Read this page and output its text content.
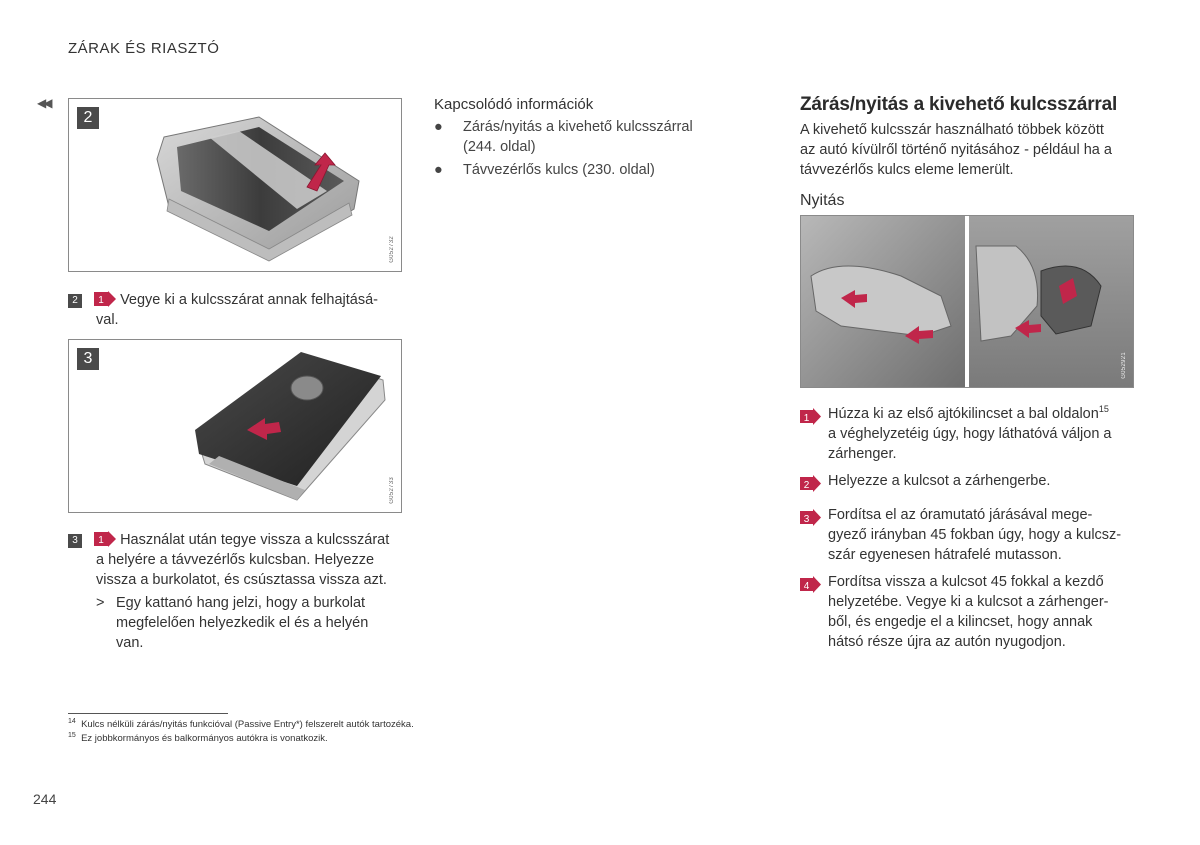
ZÁRAK ÉS RIASZTÓ
◀◀
2
G052732
2 1 Vegye ki a kulcsszárat annak felhajtásá-
val.
3
G052733
3 1 Használat után tegye vissza a kulcsszárat

a helyére a távvezérlős kulcsban. Helyezze
vissza a burkolatot, és csúsztassa vissza azt.
> Egy kattanó hang jelzi, hogy a burkolat
megfelelően helyezkedik el és a helyén
van.
Kapcsolódó információk
● Zárás/nyitás a kivehető kulcsszárral
(244. oldal)
● Távvezérlős kulcs (230. oldal)
Zárás/nyitás a kivehető kulcsszárral
A kivehető kulcsszár használható többek között
az autó kívülről történő nyitásához - például ha a
távvezérlős kulcs eleme lemerült.
Nyitás
G052921
1 Húzza ki az első ajtókilincset a bal oldalon$^{15}$
a véghelyzetéig úgy, hogy láthatóvá váljon a
zárhenger.
2 Helyezze a kulcsot a zárhengerbe.
3 Fordítsa el az óramutató járásával mege-
gyező irányban 45 fokban úgy, hogy a kulcsz-
szár egyenesen hátrafelé mutasson.
4 Fordítsa vissza a kulcsot 45 fokkal a kezdő
helyzetébe. Vegye ki a kulcsot a zárhenger-
ből, és engedje el a kilincset, hogy annak
hátsó része újra az autón nyugodjon.
$^{14}$ Kulcs nélküli zárás/nyitás funkcióval (Passive Entry*) felszerelt autók tartozéka.
$^{15}$ Ez jobbkormányos és balkormányos autókra is vonatkozik.
244
